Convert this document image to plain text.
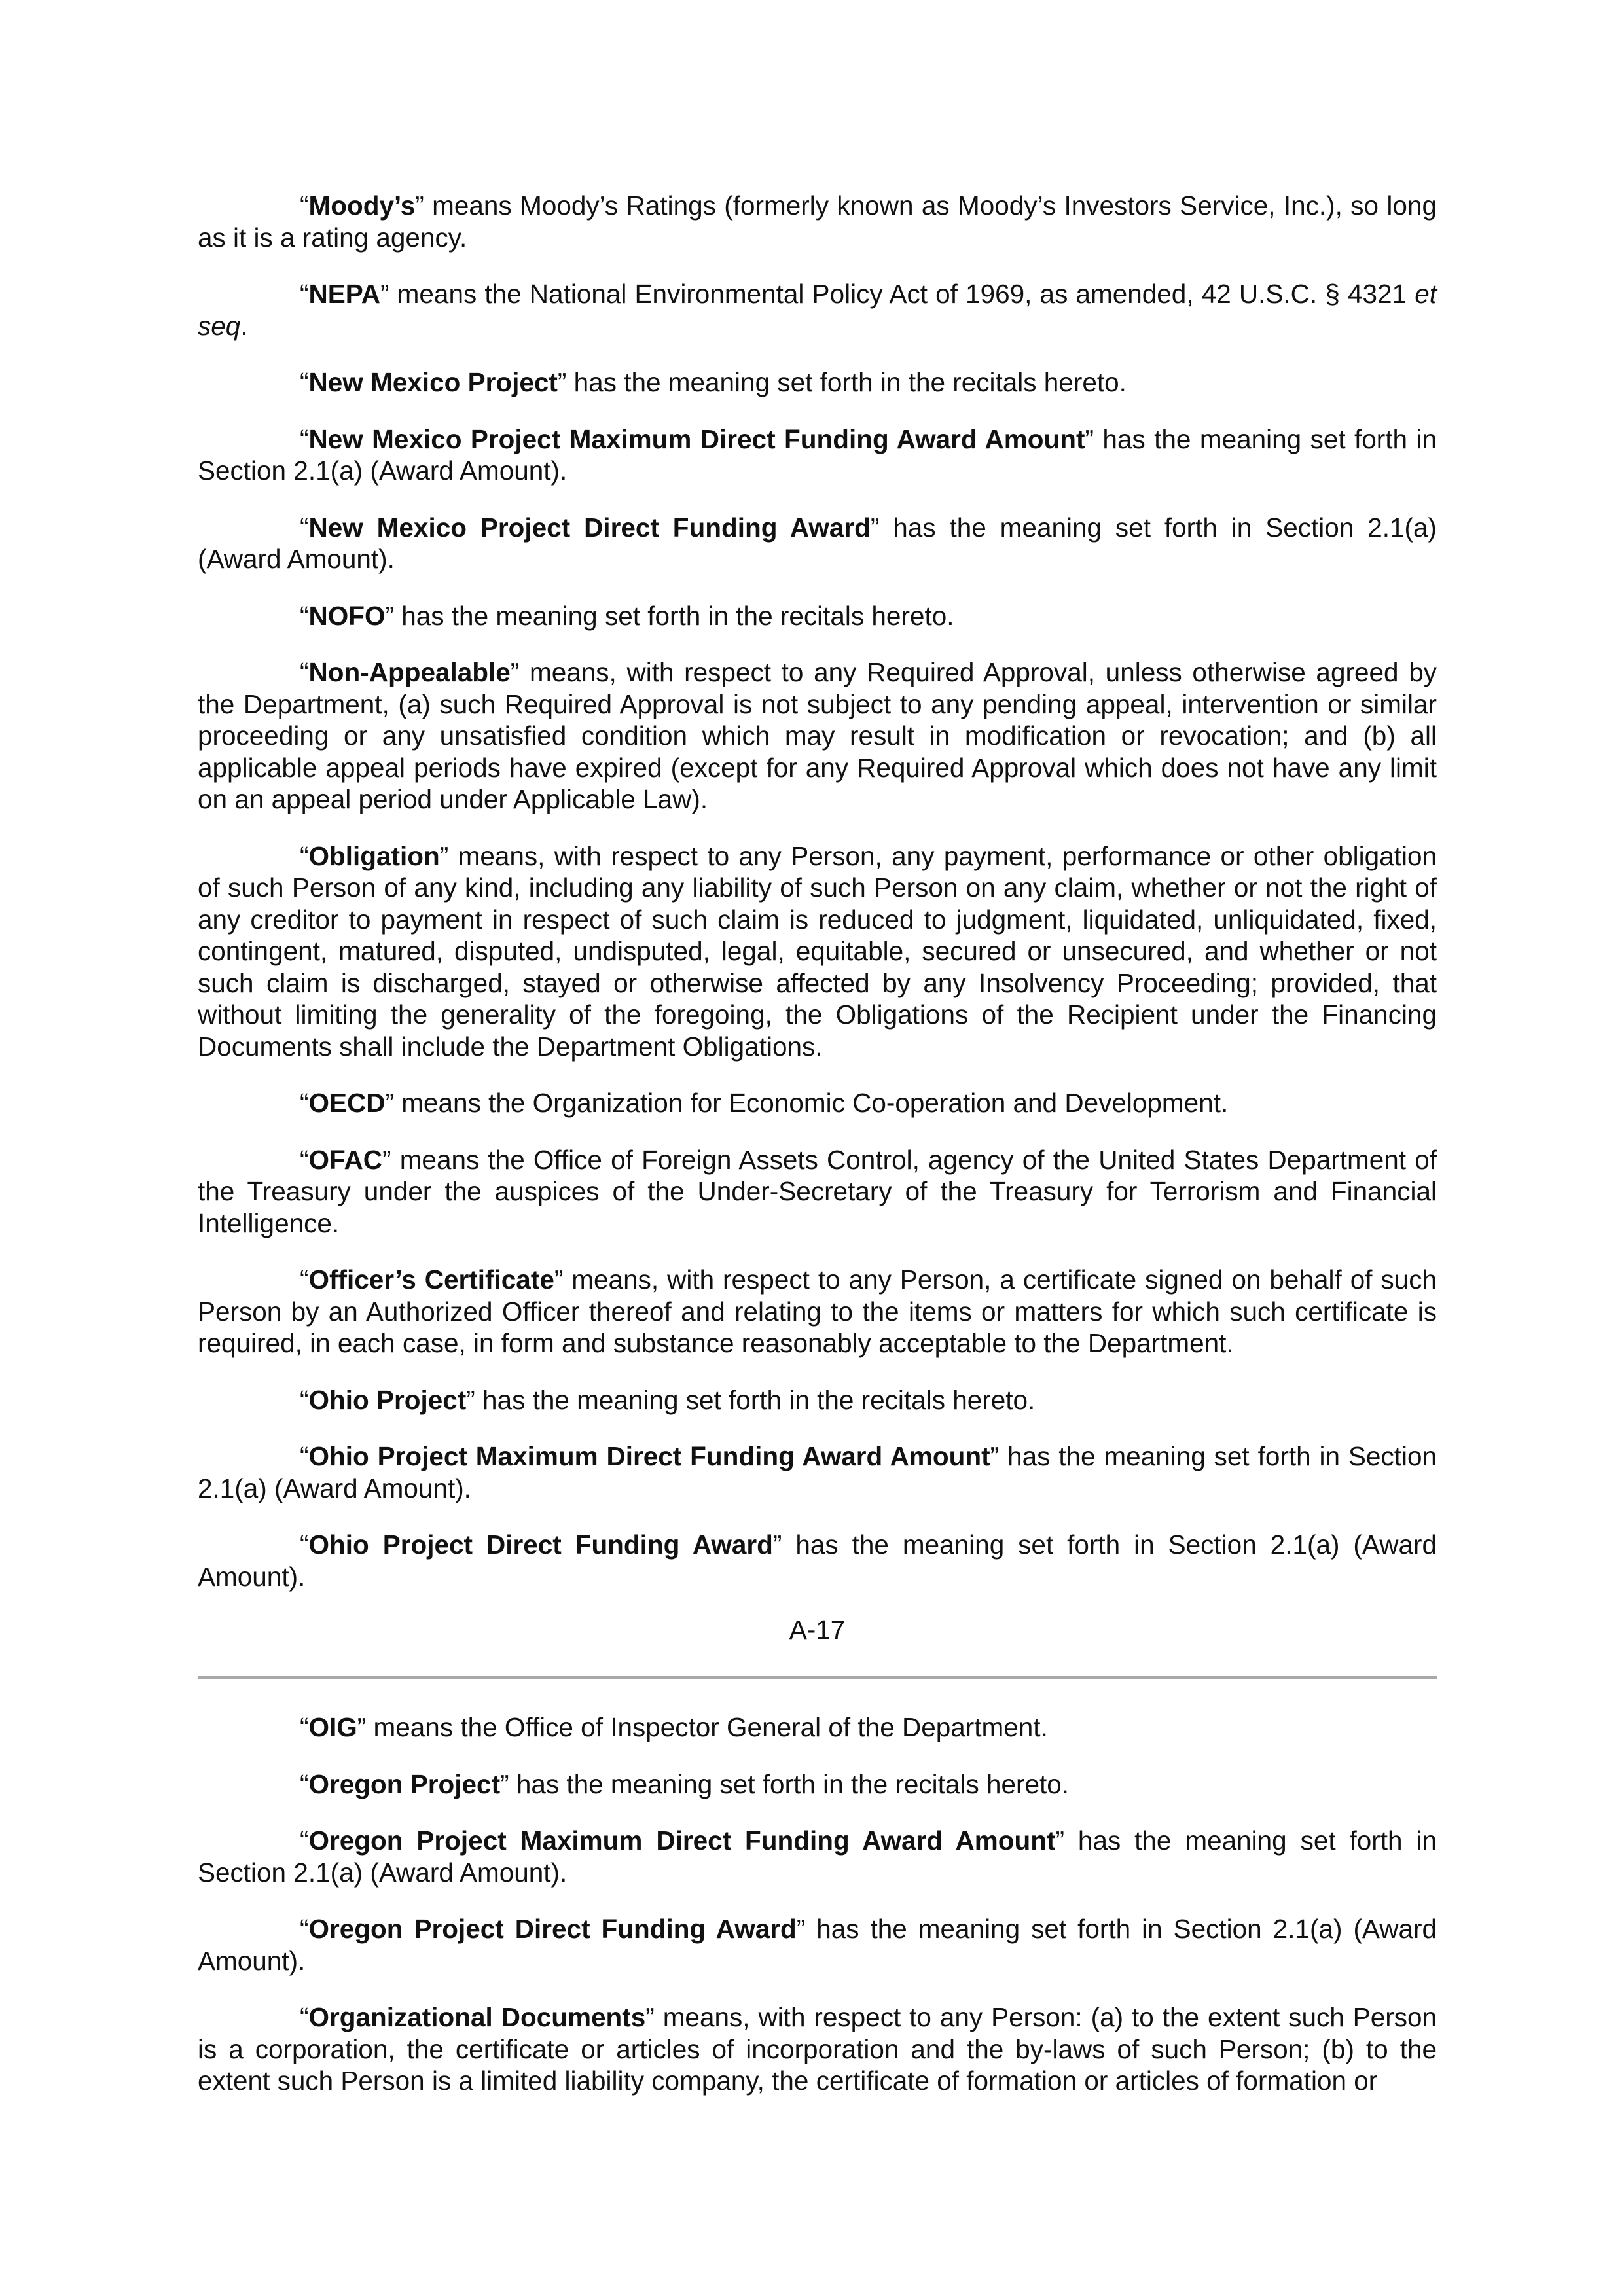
“Moody’s” means Moody’s Ratings (formerly known as Moody’s Investors Service, Inc.), so long as it is a rating agency.

“NEPA” means the National Environmental Policy Act of 1969, as amended, 42 U.S.C. § 4321 et seq.

“New Mexico Project” has the meaning set forth in the recitals hereto.

“New Mexico Project Maximum Direct Funding Award Amount” has the meaning set forth in Section 2.1(a) (Award Amount).

“New Mexico Project Direct Funding Award” has the meaning set forth in Section 2.1(a) (Award Amount).

“NOFO” has the meaning set forth in the recitals hereto.

“Non-Appealable” means, with respect to any Required Approval, unless otherwise agreed by the Department, (a) such Required Approval is not subject to any pending appeal, intervention or similar proceeding or any unsatisfied condition which may result in modification or revocation; and (b) all applicable appeal periods have expired (except for any Required Approval which does not have any limit on an appeal period under Applicable Law).

“Obligation” means, with respect to any Person, any payment, performance or other obligation of such Person of any kind, including any liability of such Person on any claim, whether or not the right of any creditor to payment in respect of such claim is reduced to judgment, liquidated, unliquidated, fixed, contingent, matured, disputed, undisputed, legal, equitable, secured or unsecured, and whether or not such claim is discharged, stayed or otherwise affected by any Insolvency Proceeding; provided, that without limiting the generality of the foregoing, the Obligations of the Recipient under the Financing Documents shall include the Department Obligations.

“OECD” means the Organization for Economic Co-operation and Development.

“OFAC” means the Office of Foreign Assets Control, agency of the United States Department of the Treasury under the auspices of the Under-Secretary of the Treasury for Terrorism and Financial Intelligence.

“Officer’s Certificate” means, with respect to any Person, a certificate signed on behalf of such Person by an Authorized Officer thereof and relating to the items or matters for which such certificate is required, in each case, in form and substance reasonably acceptable to the Department.

“Ohio Project” has the meaning set forth in the recitals hereto.

“Ohio Project Maximum Direct Funding Award Amount” has the meaning set forth in Section 2.1(a) (Award Amount).

“Ohio Project Direct Funding Award” has the meaning set forth in Section 2.1(a) (Award Amount).

A-17

“OIG” means the Office of Inspector General of the Department.

“Oregon Project” has the meaning set forth in the recitals hereto.

“Oregon Project Maximum Direct Funding Award Amount” has the meaning set forth in Section 2.1(a) (Award Amount).

“Oregon Project Direct Funding Award” has the meaning set forth in Section 2.1(a) (Award Amount).

“Organizational Documents” means, with respect to any Person: (a) to the extent such Person is a corporation, the certificate or articles of incorporation and the by-laws of such Person; (b) to the extent such Person is a limited liability company, the certificate of formation or articles of formation or
